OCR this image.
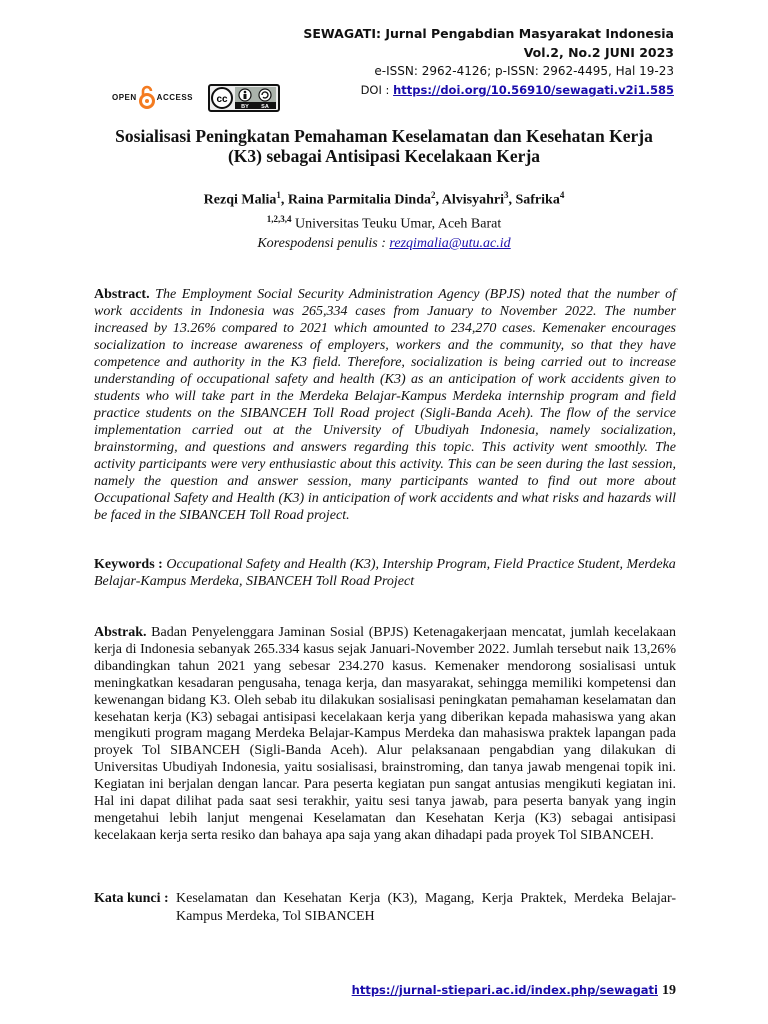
SEWAGATI: Jurnal Pengabdian Masyarakat Indonesia
Vol.2, No.2 JUNI 2023
e-ISSN: 2962-4126; p-ISSN: 2962-4495, Hal 19-23
DOI : https://doi.org/10.56910/sewagati.v2i1.585
OPEN	ACCESS cc
BY SA
Sosialisasi Peningkatan Pemahaman Keselamatan dan Kesehatan Kerja
(K3) sebagai Antisipasi Kecelakaan Kerja
Rezqi Malia$^1$, Raina Parmitalia Dinda$^2$, Alvisyahri$^3$, Safrika$^4$
$^{1,2,3,4}$ Universitas Teuku Umar, Aceh Barat
Korespodensi penulis : rezqimalia@utu.ac.id
Abstract. The Employment Social Security Administration Agency (BPJS) noted that the number of work accidents in Indonesia was 265,334 cases from January to November 2022. The number increased by 13.26% compared to 2021 which amounted to 234,270 cases. Kemenaker encourages socialization to increase awareness of employers, workers and the community, so that they have competence and authority in the K3 field. Therefore, socialization is being carried out to increase understanding of occupational safety and health (K3) as an anticipation of work accidents given to students who will take part in the Merdeka Belajar-Kampus Merdeka internship program and field practice students on the SIBANCEH Toll Road project (Sigli-Banda Aceh). The flow of the service implementation carried out at the University of Ubudiyah Indonesia, namely socialization, brainstorming, and questions and answers regarding this topic. This activity went smoothly. The activity participants were very enthusiastic about this activity. This can be seen during the last session, namely the question and answer session, many participants wanted to find out more about Occupational Safety and Health (K3) in anticipation of work accidents and what risks and hazards will be faced in the SIBANCEH Toll Road project.
Keywords : Occupational Safety and Health (K3), Intership Program, Field Practice Student, Merdeka Belajar-Kampus Merdeka, SIBANCEH Toll Road Project
Abstrak. Badan Penyelenggara Jaminan Sosial (BPJS) Ketenagakerjaan mencatat, jumlah kecelakaan kerja di Indonesia sebanyak 265.334 kasus sejak Januari-November 2022. Jumlah tersebut naik 13,26% dibandingkan tahun 2021 yang sebesar 234.270 kasus. Kemenaker mendorong sosialisasi untuk meningkatkan kesadaran pengusaha, tenaga kerja, dan masyarakat, sehingga memiliki kompetensi dan kewenangan bidang K3. Oleh sebab itu dilakukan sosialisasi peningkatan pemahaman keselamatan dan kesehatan kerja (K3) sebagai antisipasi kecelakaan kerja yang diberikan kepada mahasiswa yang akan mengikuti program magang Merdeka Belajar-Kampus Merdeka dan mahasiswa praktek lapangan pada proyek Tol SIBANCEH (Sigli-Banda Aceh). Alur pelaksanaan pengabdian yang dilakukan di Universitas Ubudiyah Indonesia, yaitu sosialisasi, brainstroming, dan tanya jawab mengenai topik ini. Kegiatan ini berjalan dengan lancar. Para peserta kegiatan pun sangat antusias mengikuti kegiatan ini. Hal ini dapat dilihat pada saat sesi terakhir, yaitu sesi tanya jawab, para peserta banyak yang ingin mengetahui lebih lanjut mengenai Keselamatan dan Kesehatan Kerja (K3) sebagai antisipasi kecelakaan kerja serta resiko dan bahaya apa saja yang akan dihadapi pada proyek Tol SIBANCEH.
Kata kunci : Keselamatan dan Kesehatan Kerja (K3), Magang, Kerja Praktek, Merdeka Belajar-Kampus Merdeka, Tol SIBANCEH
https://jurnal-stiepari.ac.id/index.php/sewagati 19
